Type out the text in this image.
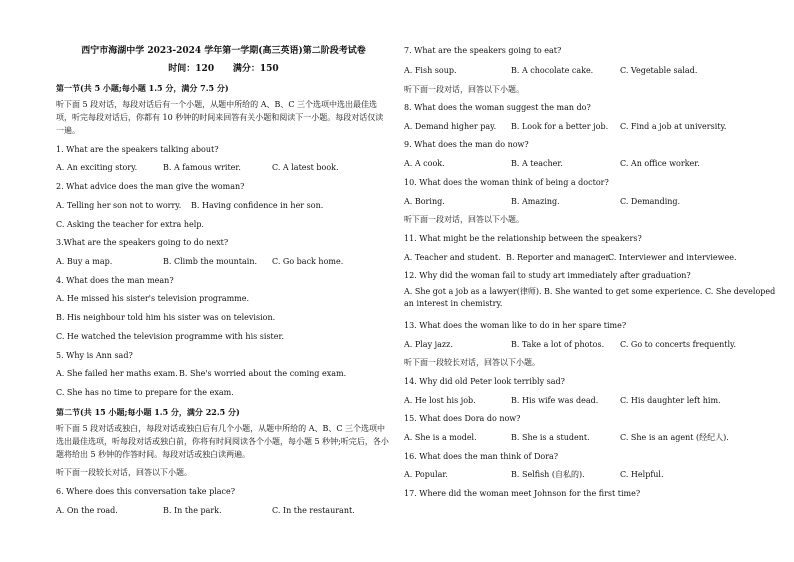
西宁市海湖中学 2023-2024 学年第一学期(高三英语)第二阶段考试卷
时间：120 满分：150
第一节(共 5 小题;每小题 1.5 分，满分 7.5 分)
听下面 5 段对话，每段对话后有一个小题，从题中所给的 A、B、C 三个选项中选出最佳选项，听完每段对话后，你都有 10 秒钟的时间来回答有关小题和阅读下一小题。每段对话仅读一遍。
1. What are the speakers talking about?
A. An exciting story.	B. A famous writer.	C. A latest book.
2. What advice does the man give the woman?
A. Telling her son not to worry. B. Having confidence in her son.
C. Asking the teacher for extra help.
3.What are the speakers going to do next?
A. Buy a map.	B. Climb the mountain. C. Go back home.
4. What does the man mean?
A. He missed his sister's television programme.
B. His neighbour told him his sister was on television.
C. He watched the television programme with his sister.
5. Why is Ann sad?
A. She failed her maths exam. B. She's worried about the coming exam.
C. She has no time to prepare for the exam.
第二节(共 15 小题;每小题 1.5 分，满分 22.5 分)
听下面 5 段对话或独白，每段对话或独白后有几个小题，从题中所给的 A、B、C 三个选项中选出最佳选项，听每段对话或独白前，你将有时间阅读各个小题，每小题 5 秒钟;听完后，各小题将给出 5 秒钟的作答时间。每段对话或独白读两遍。
听下面一段较长对话，回答以下小题。
6. Where does this conversation take place?
A. On the road.	B. In the park.	C. In the restaurant.
7. What are the speakers going to eat?
A. Fish soup.	B. A chocolate cake.	C. Vegetable salad.
听下面一段对话，回答以下小题。
8. What does the woman suggest the man do?
A. Demand higher pay. B. Look for a better job. C. Find a job at university.
9. What does the man do now?
A. A cook.	B. A teacher.	C. An office worker.
10. What does the woman think of being a doctor?
A. Boring.	B. Amazing.	C. Demanding.
听下面一段对话，回答以下小题。
11. What might be the relationship between the speakers?
A. Teacher and student. B. Reporter and manager.
C. Interviewer and interviewee.
12. Why did the woman fail to study art immediately after graduation?
A. She got a job as a lawyer(律师). B. She wanted to get some experience. C. She developed an interest in chemistry.
13. What does the woman like to do in her spare time?
A. Play jazz.	B. Take a lot of photos. C. Go to concerts frequently.
听下面一段较长对话，回答以下小题。
14. Why did old Peter look terribly sad?
A. He lost his job.	B. His wife was dead.	C. His daughter left him.
15. What does Dora do now?
A. She is a model.	B. She is a student.	C. She is an agent (经纪人).
16. What does the man think of Dora?
A. Popular.	B. Selfish (自私的).	C. Helpful.
17. Where did the woman meet Johnson for the first time?
